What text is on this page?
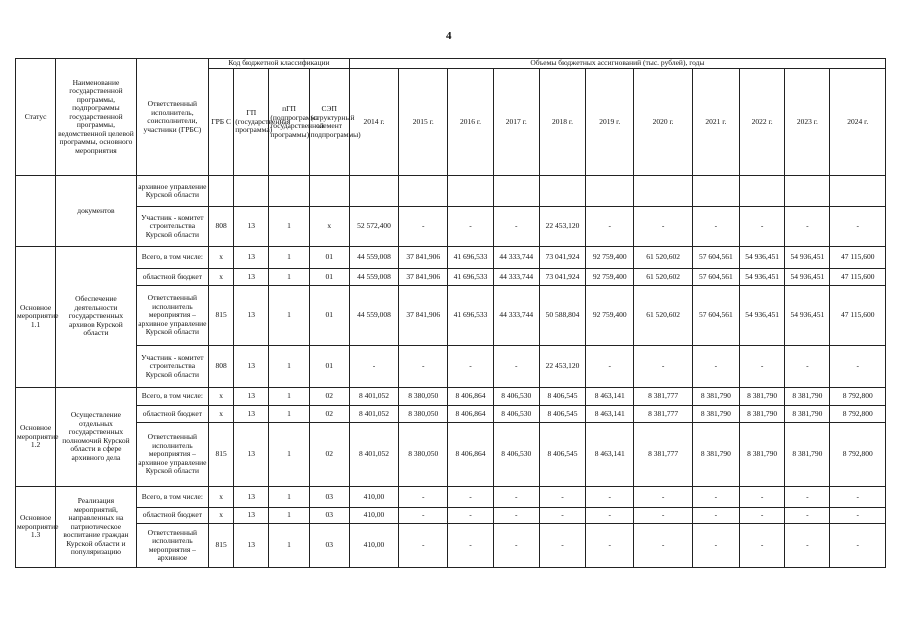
4
Статус	Наименование государственной программы, подпрограммы государственной программы, ведомственной целевой программы, основного мероприятия	Ответственный исполнитель, соисполнители, участники (ГРБС)	Код бюджетной классификации				Объемы бюджетных ассигнований (тыс. рублей), годы										
			ГРБ С	ГП (государственная программа)	пГП (подпрограмма государственной программы)	СЭП (структурный элемент подпрограммы)	2014 г.	2015 г.	2016 г.	2017 г.	2018 г.	2019 г.	2020 г.	2021 г.	2022 г.	2023 г.	2024 г.
	документов	архивное управление Курской области															
		Участник - комитет строительства Курской области	808	13	1	х	52 572,400	-	-	-	22 453,120	-	-	-	-	-	-
Основное мероприятие 1.1	Обеспечение деятельности государственных архивов Курской области	Всего, в том числе:	х	13	1	01	44 559,008	37 841,906	41 696,533	44 333,744	73 041,924	92 759,400	61 520,602	57 604,561	54 936,451	54 936,451	47 115,600
		областной бюджет	х	13	1	01	44 559,008	37 841,906	41 696,533	44 333,744	73 041,924	92 759,400	61 520,602	57 604,561	54 936,451	54 936,451	47 115,600
		Ответственный исполнитель мероприятия – архивное управление Курской области	815	13	1	01	44 559,008	37 841,906	41 696,533	44 333,744	50 588,804	92 759,400	61 520,602	57 604,561	54 936,451	54 936,451	47 115,600
		Участник - комитет строительства Курской области	808	13	1	01	-	-	-	-	22 453,120	-	-	-	-	-	-
Основное мероприятие 1.2	Осуществление отдельных государственных полномочий Курской области в сфере архивного дела	Всего, в том числе:	х	13	1	02	8 401,052	8 380,050	8 406,864	8 406,530	8 406,545	8 463,141	8 381,777	8 381,790	8 381,790	8 381,790	8 792,800
		областной бюджет	х	13	1	02	8 401,052	8 380,050	8 406,864	8 406,530	8 406,545	8 463,141	8 381,777	8 381,790	8 381,790	8 381,790	8 792,800
		Ответственный исполнитель мероприятия – архивное управление Курской области	815	13	1	02	8 401,052	8 380,050	8 406,864	8 406,530	8 406,545	8 463,141	8 381,777	8 381,790	8 381,790	8 381,790	8 792,800
Основное мероприятие 1.3	Реализация мероприятий, направленных на патриотическое воспитание граждан Курской области и популяризацию	Всего, в том числе:	х	13	1	03	410,00	-	-	-	-	-	-	-	-	-	-
		областной бюджет	х	13	1	03	410,00	-	-	-	-	-	-	-	-	-	-
		Ответственный исполнитель мероприятия – архивное	815	13	1	03	410,00	-	-	-	-	-	-	-	-	-	-
